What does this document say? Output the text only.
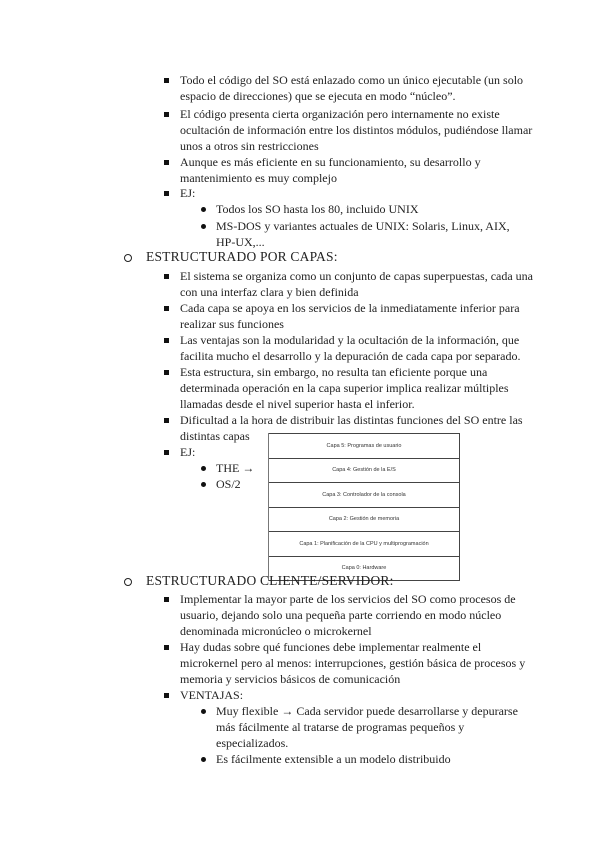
Todo el código del SO está enlazado como un único ejecutable (un solo espacio de direcciones) que se ejecuta en modo “núcleo”.
El código presenta cierta organización pero internamente no existe ocultación de información entre los distintos módulos, pudiéndose llamar unos a otros sin restricciones
Aunque es más eficiente en su funcionamiento, su desarrollo y mantenimiento es muy complejo
EJ:
Todos los SO hasta los 80, incluido UNIX
MS-DOS y variantes actuales de UNIX: Solaris, Linux, AIX, HP-UX,...
ESTRUCTURADO POR CAPAS:
El sistema se organiza como un conjunto de capas superpuestas, cada una con una interfaz clara y bien definida
Cada capa se apoya en los servicios de la inmediatamente inferior para realizar sus funciones
Las ventajas son la modularidad y la ocultación de la información, que facilita mucho el desarrollo y la depuración de cada capa por separado.
Esta estructura, sin embargo, no resulta tan eficiente porque una determinada operación en la capa superior implica realizar múltiples llamadas desde el nivel superior hasta el inferior.
Dificultad a la hora de distribuir las distintas funciones del SO entre las distintas capas
EJ:
THE →
OS/2
Capa 5: Programas de usuario
Capa 4: Gestión de la E/S
Capa 3: Controlador de la consola
Capa 2: Gestión de memoria
Capa 1: Planificación de la CPU y multiprogramación
Capa 0: Hardware
ESTRUCTURADO CLIENTE/SERVIDOR:
Implementar la mayor parte de los servicios del SO como procesos de usuario, dejando solo una pequeña parte corriendo en modo núcleo denominada micronúcleo o microkernel
Hay dudas sobre qué funciones debe implementar realmente el microkernel pero al menos: interrupciones, gestión básica de procesos y memoria y servicios básicos de comunicación
VENTAJAS:
Muy flexible → Cada servidor puede desarrollarse y depurarse más fácilmente al tratarse de programas pequeños y especializados.
Es fácilmente extensible a un modelo distribuido
